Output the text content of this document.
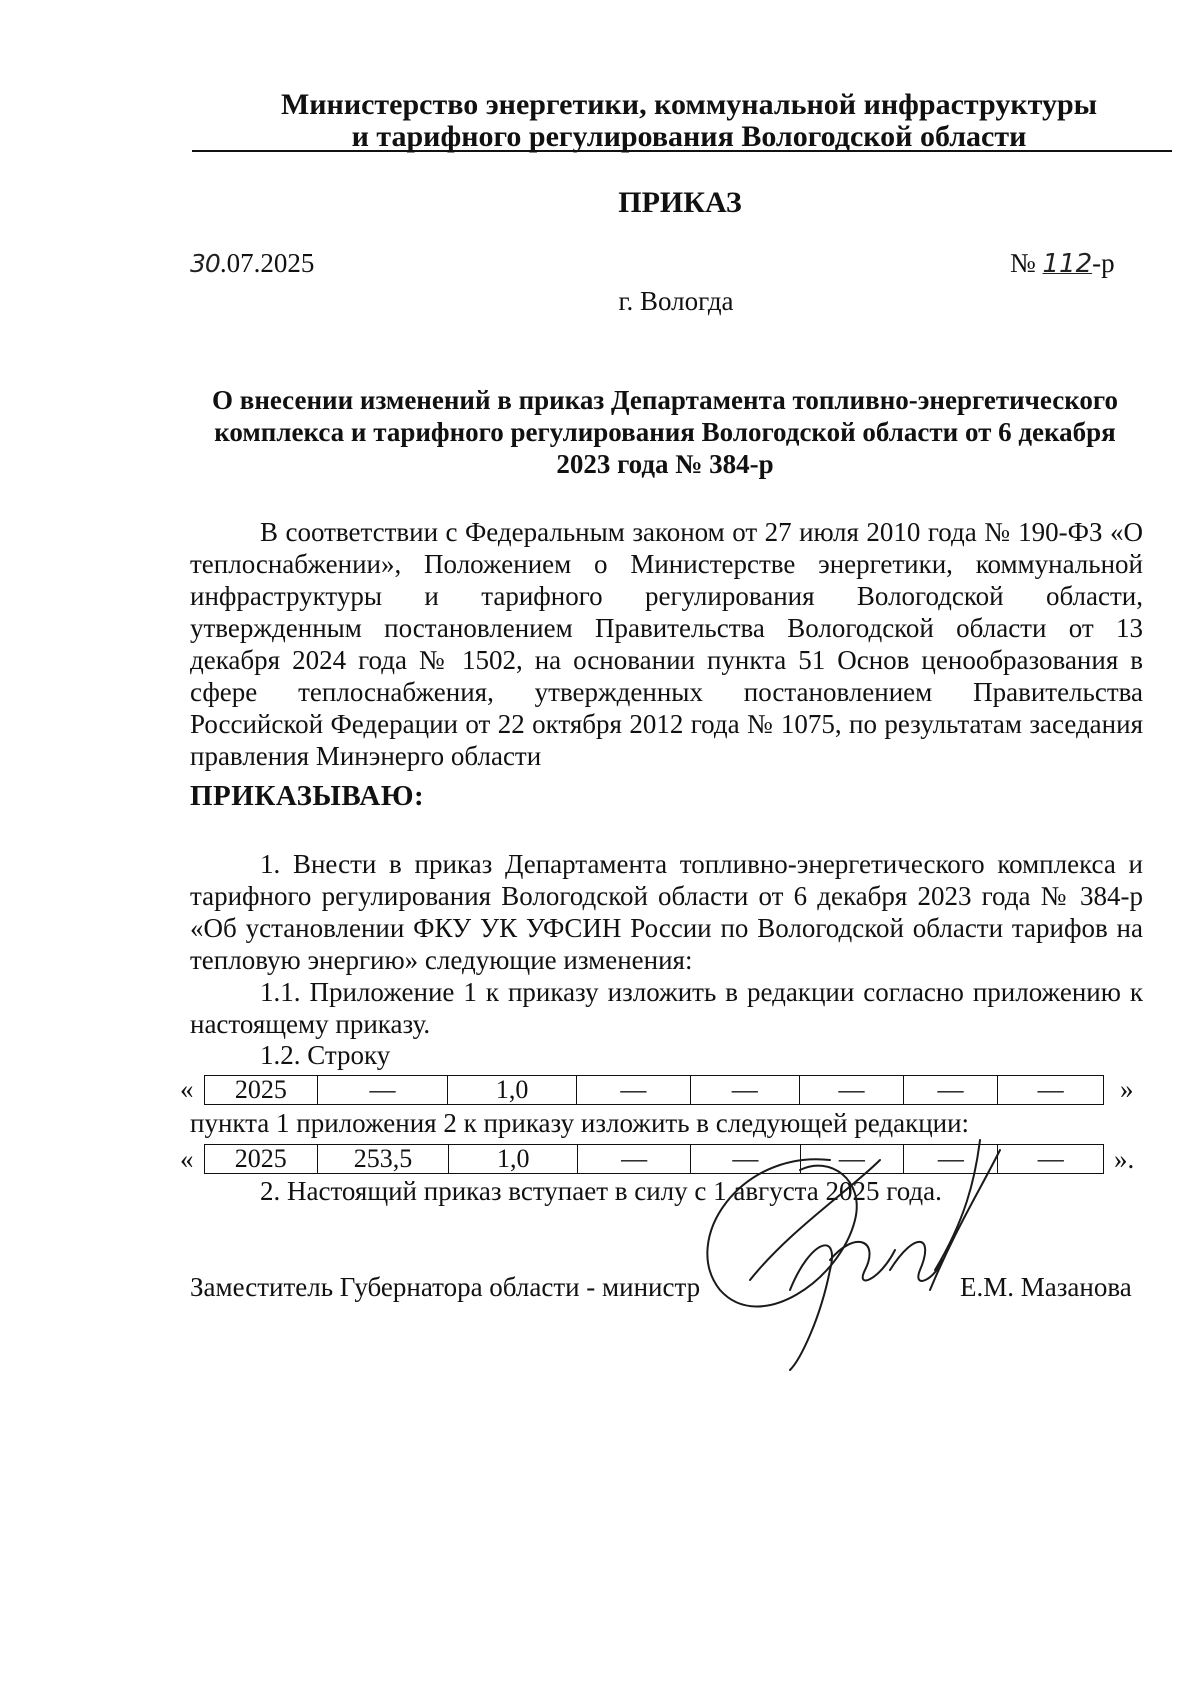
Министерство энергетики, коммунальной инфраструктуры
и тарифного регулирования Вологодской области
ПРИКАЗ
30.07.2025	№ 112-р
г. Вологда
О внесении изменений в приказ Департамента топливно-энергетического комплекса и тарифного регулирования Вологодской области от 6 декабря 2023 года № 384-р
В соответствии с Федеральным законом от 27 июля 2010 года № 190-ФЗ «О теплоснабжении», Положением о Министерстве энергетики, коммунальной инфраструктуры и тарифного регулирования Вологодской области, утвержденным постановлением Правительства Вологодской области от 13 декабря 2024 года № 1502, на основании пункта 51 Основ ценообразования в сфере теплоснабжения, утвержденных постановлением Правительства Российской Федерации от 22 октября 2012 года № 1075, по результатам заседания правления Минэнерго области
ПРИКАЗЫВАЮ:
1. Внести в приказ Департамента топливно-энергетического комплекса и тарифного регулирования Вологодской области от 6 декабря 2023 года № 384-р «Об установлении ФКУ УК УФСИН России по Вологодской области тарифов на тепловую энергию» следующие изменения:
1.1. Приложение 1 к приказу изложить в редакции согласно приложению к настоящему приказу.
1.2. Строку
« 2025	—	1,0	—	—	—	—	— »
пункта 1 приложения 2 к приказу изложить в следующей редакции:
« 2025	253,5	1,0	—	—	—	—	— ».
2. Настоящий приказ вступает в силу с 1 августа 2025 года.
Заместитель Губернатора области - министр	Е.М. Мазанова
